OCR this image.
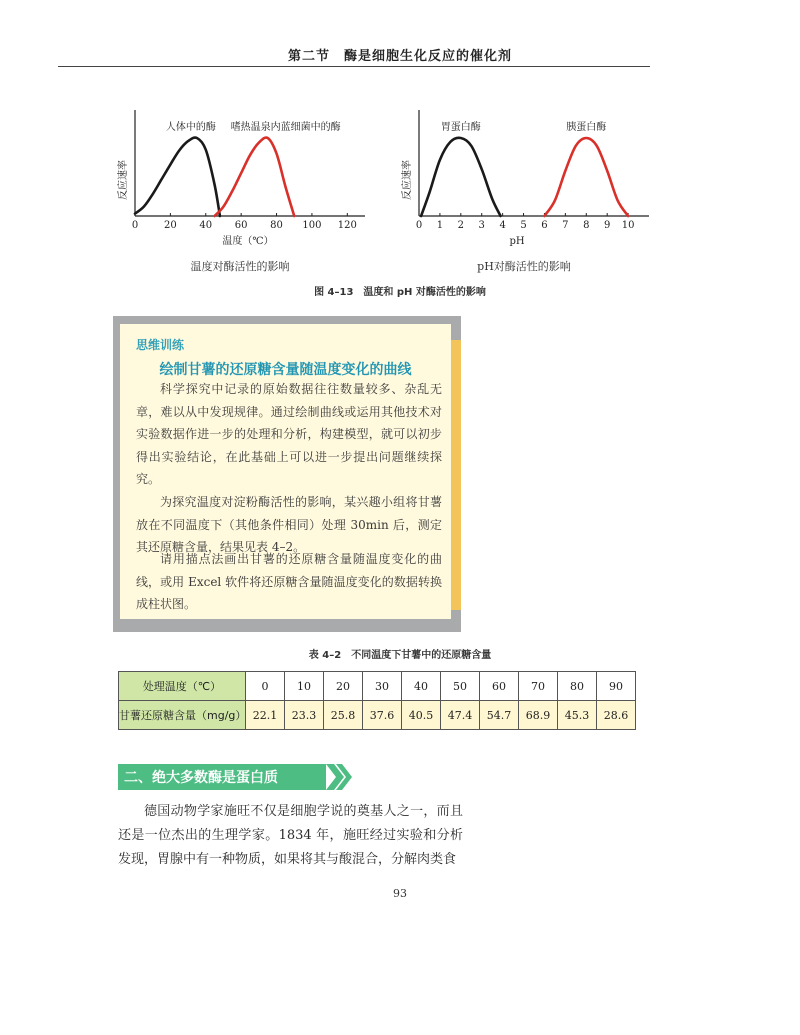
第二节　酶是细胞生化反应的催化剂
0	20 40 60 80 100 120
反应速率
温度（℃）
人体中的酶 嗜热温泉内蓝细菌中的酶
温度对酶活性的影响
0 1 2 3 4 5 6 7 8 9 10
反应速率
pH
胃蛋白酶	胰蛋白酶
pH对酶活性的影响
图 4–13　温度和 pH 对酶活性的影响
思维训练
绘制甘薯的还原糖含量随温度变化的曲线

科学探究中记录的原始数据往往数量较多、杂乱无章，难以从中发现规律。通过绘制曲线或运用其他技术对实验数据作进一步的处理和分析，构建模型，就可以初步得出实验结论，在此基础上可以进一步提出问题继续探究。

为探究温度对淀粉酶活性的影响，某兴趣小组将甘薯放在不同温度下（其他条件相同）处理 30min 后，测定其还原糖含量，结果见表 4–2。

请用描点法画出甘薯的还原糖含量随温度变化的曲线，或用 Excel 软件将还原糖含量随温度变化的数据转换成柱状图。

表 4–2　不同温度下甘薯中的还原糖含量
处理温度（℃）	0	10	20	30	40	50	60	70	80	90
甘薯还原糖含量（mg/g）	22.1	23.3	25.8	37.6	40.5	47.4	54.7	68.9	45.3	28.6
二、绝大多数酶是蛋白质

德国动物学家施旺不仅是细胞学说的奠基人之一，而且还是一位杰出的生理学家。1834 年，施旺经过实验和分析发现，胃腺中有一种物质，如果将其与酸混合，分解肉类食

93
